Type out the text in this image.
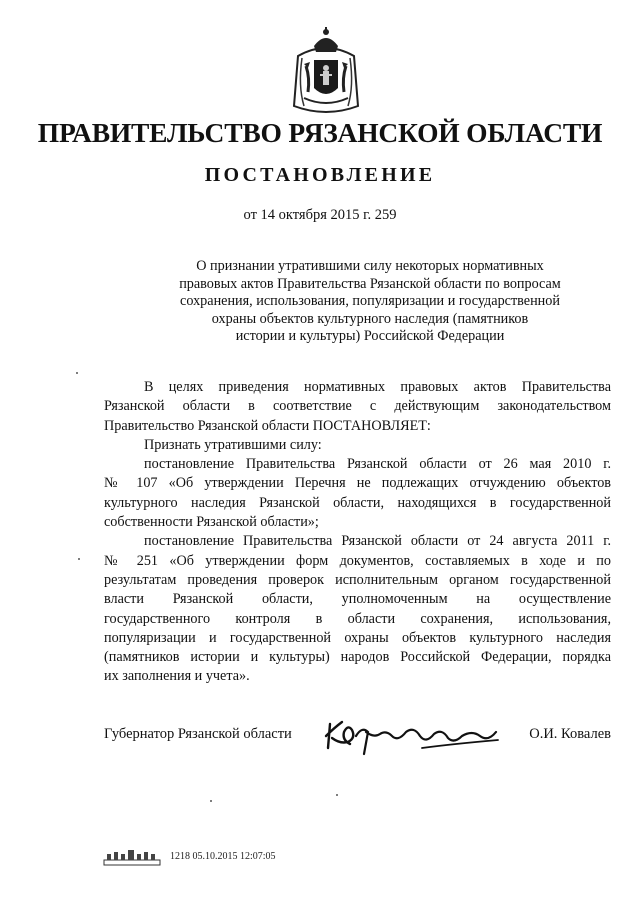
ПРАВИТЕЛЬСТВО РЯЗАНСКОЙ ОБЛАСТИ
ПОСТАНОВЛЕНИЕ
от 14 октября 2015 г. 259
О признании утратившими силу некоторых нормативных
правовых актов Правительства Рязанской области по вопросам
сохранения, использования, популяризации и государственной
охраны объектов культурного наследия (памятников
истории и культуры) Российской Федерации
В целях приведения нормативных правовых актов Правительства
Рязанской области в соответствие с действующим законодательством
Правительство Рязанской области ПОСТАНОВЛЯЕТ:
Признать утратившими силу:
постановление Правительства Рязанской области от 26 мая 2010 г.
№ 107 «Об утверждении Перечня не подлежащих отчуждению объектов
культурного наследия Рязанской области, находящихся в государственной
собственности Рязанской области»;
постановление Правительства Рязанской области от 24 августа 2011 г.
№ 251 «Об утверждении форм документов, составляемых в ходе и по
результатам проведения проверок исполнительным органом государственной
власти Рязанской области, уполномоченным на осуществление
государственного контроля в области сохранения, использования,
популяризации и государственной охраны объектов культурного наследия
(памятников истории и культуры) народов Российской Федерации, порядка
их заполнения и учета».
Губернатор Рязанской области	О.И. Ковалев
1218 05.10.2015 12:07:05
